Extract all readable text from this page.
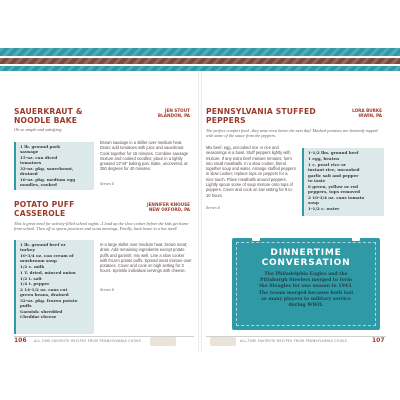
SAUERKRAUT &
NOODLE BAKE
JEN STOUT
BLANDON, PA
Oh so simple and satisfying
1 lb. ground pork
sausage
15-oz. can diced
tomatoes
32-oz. pkg. sauerkraut,
drained
16-oz. pkg. medium egg
noodles, cooked
Brown sausage in a skillet over medium heat. Drain; add tomatoes with juice and sauerkraut. Cook together for 15 minutes. Combine sausage mixture and cooked noodles; place in a lightly greased 13"x9" baking pan. Bake, uncovered, at 350 degrees for 40 minutes.
Serves 6
POTATO PUFF
CASSEROLE
JENNIFER KNOUSE
NEW OXFORD, PA
This is great meal for activity-filled school nights...I load up the slow cooker before the kids get home from school. Then off to sports practices and scout meetings. Finally, back home to a hot meal!
1 lb. ground beef or
turkey
10-3/4 oz. can cream of
mushroom soup
1/2 c. milk
1 T. dried, minced onion
1/2 t. salt
1/4 t. pepper
2 14-1/2 oz. cans cut
green beans, drained
32-oz. pkg. frozen potato
puffs
Garnish: shredded
Cheddar cheese
In a large skillet over medium heat, brown meat; drain. Add remaining ingredients except potato puffs and garnish; mix well. Line a slow cooker with frozen potato puffs. Spread meat mixture over potatoes. Cover and cook on high setting for 3 hours. Sprinkle individual servings with cheese.
Serves 6
106 ALL-TIME-FAVORITE RECIPES FROM PENNSYLVANIA COOKS
PENNSYLVANIA STUFFED
PEPPERS
LORA BURKE
IRWIN, PA
The perfect comfort food...they taste even better the next day! Mashed potatoes are heavenly topped with some of the sauce from the peppers.
Mix beef, egg, uncooked rice or rice and seasonings in a bowl. Stuff peppers lightly with mixture. If any extra beef mixture remains, form into small meatballs. In a slow cooker, blend together soup and water. Arrange stuffed peppers in slow cooker; replace tops on peppers for a nice touch. Place meatballs around peppers. Lightly spoon some of soup mixture onto tops of peppers. Cover and cook on low setting for 8 to 10 hours.
1-1/2 lbs. ground beef
1 egg, beaten
1 c. pearl rice or
instant rice, uncooked
garlic salt and pepper
to taste
6 green, yellow or red
peppers, tops removed
2 10-3/4 oz. cans tomato
soup
1-1/2 c. water
Serves 6
DINNERTIME
CONVERSATION
The Philadelphia Eagles and the
Pittsburgh Steelers merged to form
the Steagles for one season in 1943.
The teams merged because both lost
so many players to military service
during WWII.
ALL-TIME-FAVORITE RECIPES FROM PENNSYLVANIA COOKS	107
